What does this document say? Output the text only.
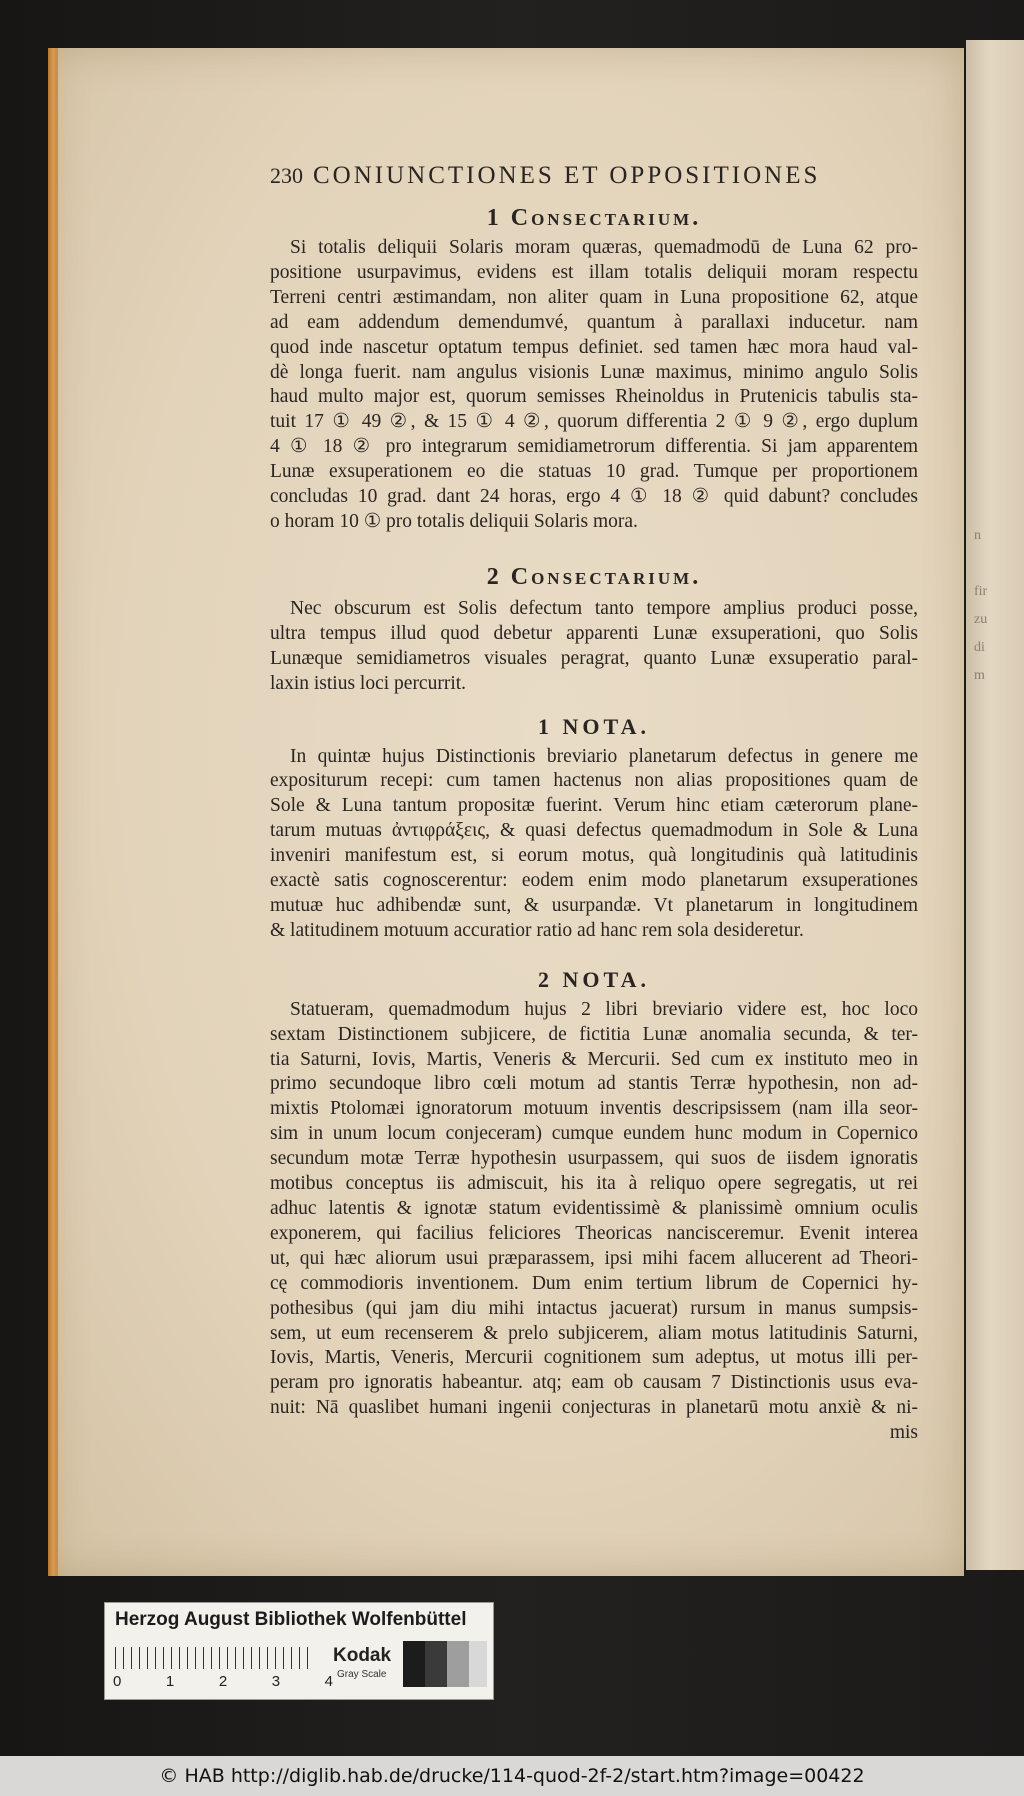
n

fir
zu
di
m
230 CONIUNCTIONES ET OPPOSITIONES
1 Consectarium.
Si totalis deliquii Solaris moram quæras, quemadmodū de Luna 62 pro-
positione usurpavimus, evidens est illam totalis deliquii moram respectu
Terreni centri æstimandam, non aliter quam in Luna propositione 62, atque
ad eam addendum demendumvé, quantum à parallaxi inducetur. nam
quod inde nascetur optatum tempus definiet. sed tamen hæc mora haud val-
dè longa fuerit. nam angulus visionis Lunæ maximus, minimo angulo Solis
haud multo major est, quorum semisses Rheinoldus in Prutenicis tabulis sta-
tuit 17 ① 49 ②, & 15 ① 4 ②, quorum differentia 2 ① 9 ②, ergo duplum
4 ① 18 ② pro integrarum semidiametrorum differentia. Si jam apparentem
Lunæ exsuperationem eo die statuas 10 grad. Tumque per proportionem
concludas 10 grad. dant 24 horas, ergo 4 ① 18 ② quid dabunt? concludes
o horam 10 ① pro totalis deliquii Solaris mora.
2 Consectarium.
Nec obscurum est Solis defectum tanto tempore amplius produci posse,
ultra tempus illud quod debetur apparenti Lunæ exsuperationi, quo Solis
Lunæque semidiametros visuales peragrat, quanto Lunæ exsuperatio paral-
laxin istius loci percurrit.
1 NOTA.
In quintæ hujus Distinctionis breviario planetarum defectus in genere me
expositurum recepi: cum tamen hactenus non alias propositiones quam de
Sole & Luna tantum propositæ fuerint. Verum hinc etiam cæterorum plane-
tarum mutuas ἀντιφράξεις, & quasi defectus quemadmodum in Sole & Luna
inveniri manifestum est, si eorum motus, quà longitudinis quà latitudinis
exactè satis cognoscerentur: eodem enim modo planetarum exsuperationes
mutuæ huc adhibendæ sunt, & usurpandæ. Vt planetarum in longitudinem
& latitudinem motuum accuratior ratio ad hanc rem sola desideretur.
2 NOTA.
Statueram, quemadmodum hujus 2 libri breviario videre est, hoc loco
sextam Distinctionem subjicere, de fictitia Lunæ anomalia secunda, & ter-
tia Saturni, Iovis, Martis, Veneris & Mercurii. Sed cum ex instituto meo in
primo secundoque libro cœli motum ad stantis Terræ hypothesin, non ad-
mixtis Ptolomæi ignoratorum motuum inventis descripsissem (nam illa seor-
sim in unum locum conjeceram) cumque eundem hunc modum in Copernico
secundum motæ Terræ hypothesin usurpassem, qui suos de iisdem ignoratis
motibus conceptus iis admiscuit, his ita à reliquo opere segregatis, ut rei
adhuc latentis & ignotæ statum evidentissimè & planissimè omnium oculis
exponerem, qui facilius feliciores Theoricas nancisceremur. Evenit interea
ut, qui hæc aliorum usui præparassem, ipsi mihi facem allucerent ad Theori-
cę commodioris inventionem. Dum enim tertium librum de Copernici hy-
pothesibus (qui jam diu mihi intactus jacuerat) rursum in manus sumpsis-
sem, ut eum recenserem & prelo subjicerem, aliam motus latitudinis Saturni,
Iovis, Martis, Veneris, Mercurii cognitionem sum adeptus, ut motus illi per-
peram pro ignoratis habeantur. atq; eam ob causam 7 Distinctionis usus eva-
nuit: Nā quaslibet humani ingenii conjecturas in planetarū motu anxiè & ni-
mis
Herzog August Bibliothek Wolfenbüttel
0	1	2	3	4
Kodak
Gray Scale
© HAB http://diglib.hab.de/drucke/114-quod-2f-2/start.htm?image=00422
